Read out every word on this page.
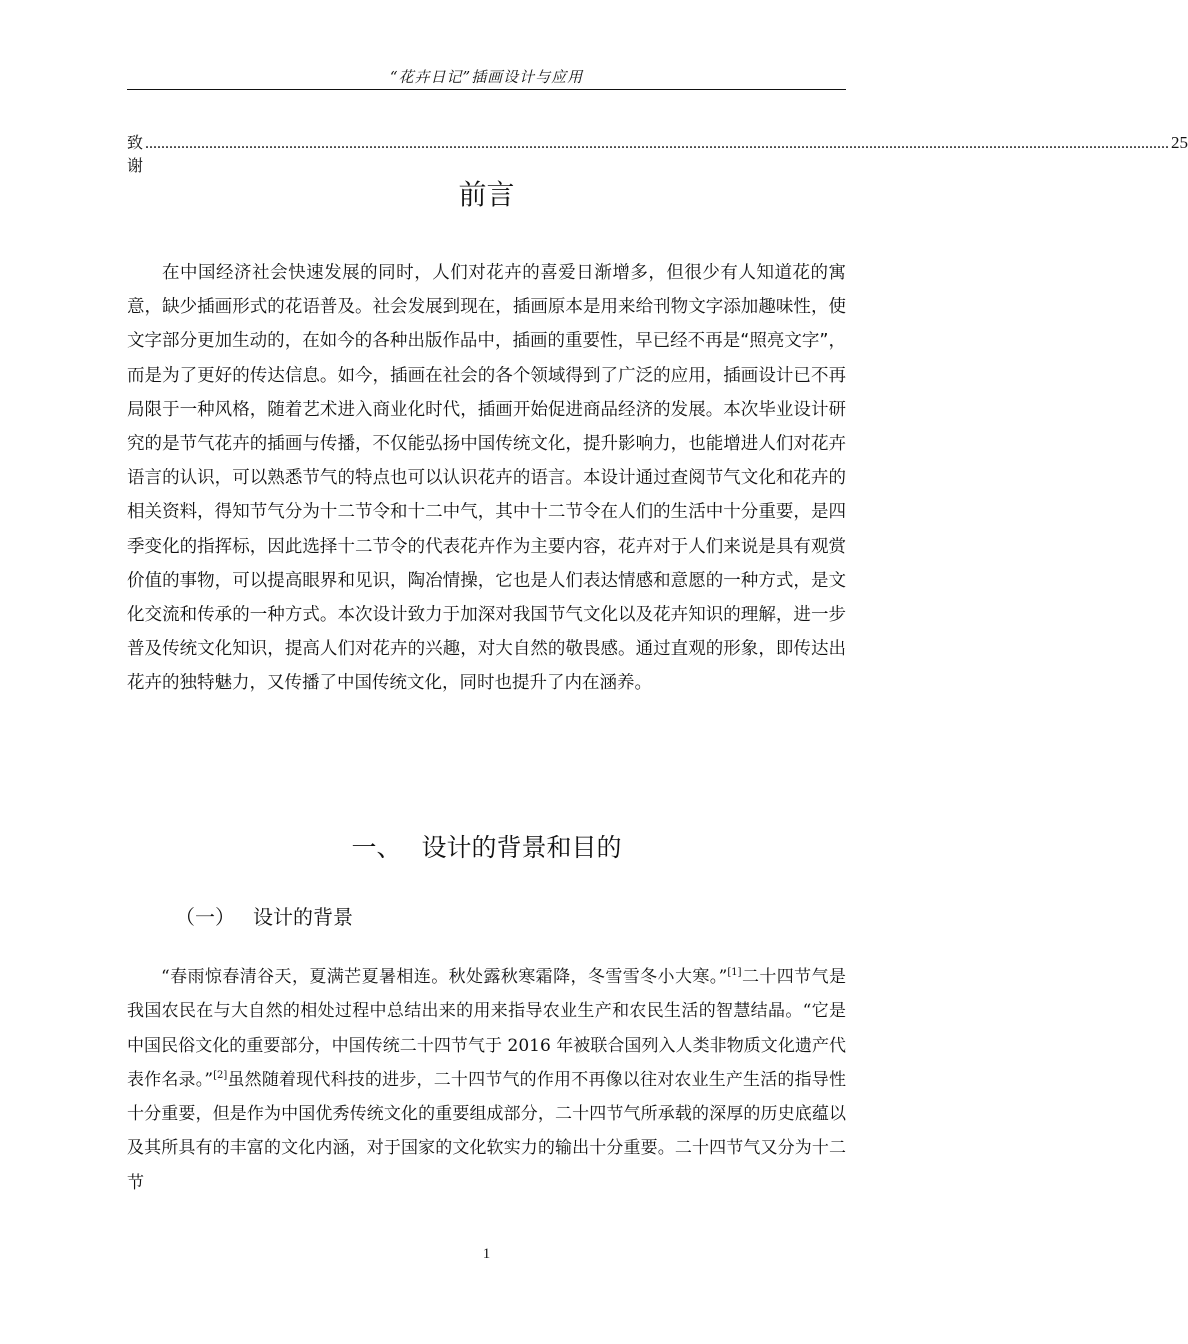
“花卉日记”插画设计与应用
致谢
................................................................................................................................................................................................................................................................ 25
前言

在中国经济社会快速发展的同时，人们对花卉的喜爱日渐增多，但很少有人知道花的寓意，缺少插画形式的花语普及。社会发展到现在，插画原本是用来给刊物文字添加趣味性，使文字部分更加生动的，在如今的各种出版作品中，插画的重要性，早已经不再是“照亮文字”，而是为了更好的传达信息。如今，插画在社会的各个领域得到了广泛的应用，插画设计已不再局限于一种风格，随着艺术进入商业化时代，插画开始促进商品经济的发展。本次毕业设计研究的是节气花卉的插画与传播，不仅能弘扬中国传统文化，提升影响力，也能增进人们对花卉语言的认识，可以熟悉节气的特点也可以认识花卉的语言。本设计通过查阅节气文化和花卉的相关资料，得知节气分为十二节令和十二中气，其中十二节令在人们的生活中十分重要，是四季变化的指挥标，因此选择十二节令的代表花卉作为主要内容，花卉对于人们来说是具有观赏价值的事物，可以提高眼界和见识，陶冶情操，它也是人们表达情感和意愿的一种方式，是文化交流和传承的一种方式。本次设计致力于加深对我国节气文化以及花卉知识的理解，进一步普及传统文化知识，提高人们对花卉的兴趣，对大自然的敬畏感。通过直观的形象，即传达出花卉的独特魅力，又传播了中国传统文化，同时也提升了内在涵养。

一、 设计的背景和目的
（一） 设计的背景

“春雨惊春清谷天，夏满芒夏暑相连。秋处露秋寒霜降，冬雪雪冬小大寒。”[1]二十四节气是我国农民在与大自然的相处过程中总结出来的用来指导农业生产和农民生活的智慧结晶。“它是中国民俗文化的重要部分，中国传统二十四节气于 2016 年被联合国列入人类非物质文化遗产代表作名录。”[2]虽然随着现代科技的进步，二十四节气的作用不再像以往对农业生产生活的指导性十分重要，但是作为中国优秀传统文化的重要组成部分，二十四节气所承载的深厚的历史底蕴以及其所具有的丰富的文化内涵，对于国家的文化软实力的输出十分重要。二十四节气又分为十二节

1
